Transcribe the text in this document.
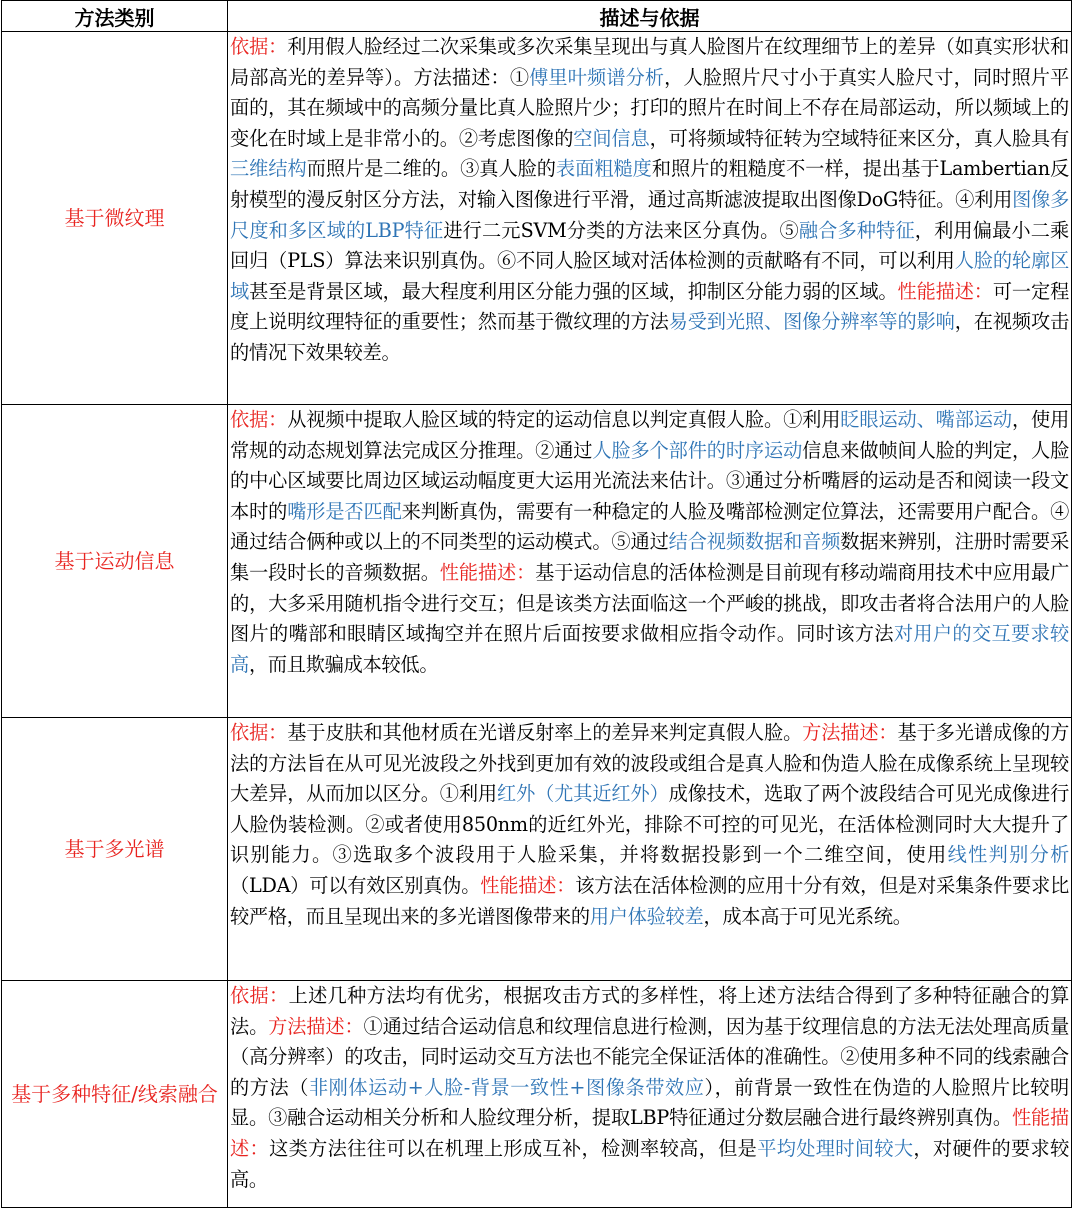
方法类别	描述与依据
基于微纹理	依据：利用假人脸经过二次采集或多次采集呈现出与真人脸图片在纹理细节上的差异（如真实形状和局部高光的差异等）。方法描述：①傅里叶频谱分析，人脸照片尺寸小于真实人脸尺寸，同时照片平面的，其在频域中的高频分量比真人脸照片少；打印的照片在时间上不存在局部运动，所以频域上的变化在时域上是非常小的。②考虑图像的空间信息，可将频域特征转为空域特征来区分，真人脸具有三维结构而照片是二维的。③真人脸的表面粗糙度和照片的粗糙度不一样，提出基于Lambertian反射模型的漫反射区分方法，对输入图像进行平滑，通过高斯滤波提取出图像DoG特征。④利用图像多尺度和多区域的LBP特征进行二元SVM分类的方法来区分真伪。⑤融合多种特征，利用偏最小二乘回归（PLS）算法来识别真伪。⑥不同人脸区域对活体检测的贡献略有不同，可以利用人脸的轮廓区域甚至是背景区域，最大程度利用区分能力强的区域，抑制区分能力弱的区域。性能描述：可一定程度上说明纹理特征的重要性；然而基于微纹理的方法易受到光照、图像分辨率等的影响，在视频攻击的情况下效果较差。
基于运动信息	依据：从视频中提取人脸区域的特定的运动信息以判定真假人脸。①利用眨眼运动、嘴部运动，使用常规的动态规划算法完成区分推理。②通过人脸多个部件的时序运动信息来做帧间人脸的判定，人脸的中心区域要比周边区域运动幅度更大运用光流法来估计。③通过分析嘴唇的运动是否和阅读一段文本时的嘴形是否匹配来判断真伪，需要有一种稳定的人脸及嘴部检测定位算法，还需要用户配合。④通过结合俩种或以上的不同类型的运动模式。⑤通过结合视频数据和音频数据来辨别，注册时需要采集一段时长的音频数据。性能描述：基于运动信息的活体检测是目前现有移动端商用技术中应用最广的，大多采用随机指令进行交互；但是该类方法面临这一个严峻的挑战，即攻击者将合法用户的人脸图片的嘴部和眼睛区域掏空并在照片后面按要求做相应指令动作。同时该方法对用户的交互要求较高，而且欺骗成本较低。
基于多光谱	依据：基于皮肤和其他材质在光谱反射率上的差异来判定真假人脸。方法描述：基于多光谱成像的方法的方法旨在从可见光波段之外找到更加有效的波段或组合是真人脸和伪造人脸在成像系统上呈现较大差异，从而加以区分。①利用红外（尤其近红外）成像技术，选取了两个波段结合可见光成像进行人脸伪装检测。②或者使用850nm的近红外光，排除不可控的可见光，在活体检测同时大大提升了识别能力。③选取多个波段用于人脸采集，并将数据投影到一个二维空间，使用线性判别分析（LDA）可以有效区别真伪。性能描述：该方法在活体检测的应用十分有效，但是对采集条件要求比较严格，而且呈现出来的多光谱图像带来的用户体验较差，成本高于可见光系统。
基于多种特征/线索融合	依据：上述几种方法均有优劣，根据攻击方式的多样性，将上述方法结合得到了多种特征融合的算法。方法描述：①通过结合运动信息和纹理信息进行检测，因为基于纹理信息的方法无法处理高质量（高分辨率）的攻击，同时运动交互方法也不能完全保证活体的准确性。②使用多种不同的线索融合的方法（非刚体运动+人脸-背景一致性+图像条带效应），前背景一致性在伪造的人脸照片比较明显。③融合运动相关分析和人脸纹理分析，提取LBP特征通过分数层融合进行最终辨别真伪。性能描述：这类方法往往可以在机理上形成互补，检测率较高，但是平均处理时间较大，对硬件的要求较高。
